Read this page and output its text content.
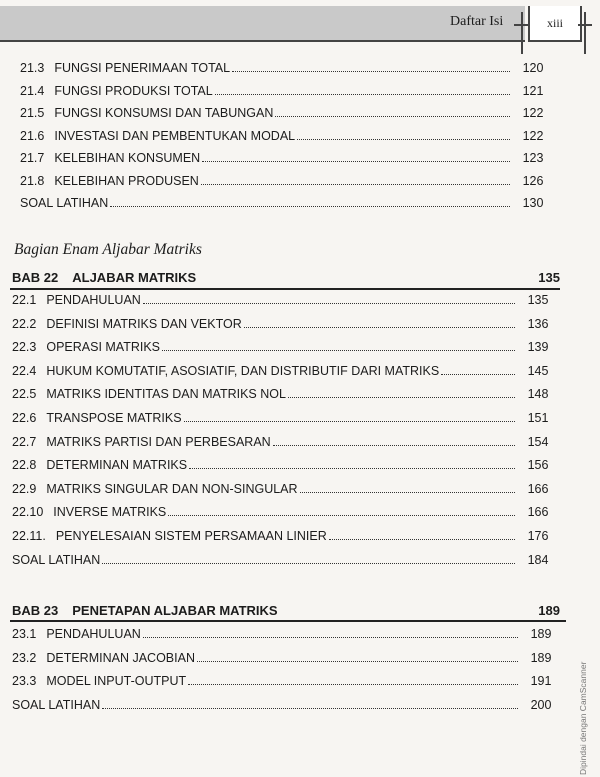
Daftar Isi	xiii
21.3 FUNGSI PENERIMAAN TOTAL	120
21.4 FUNGSI PRODUKSI TOTAL	121
21.5 FUNGSI KONSUMSI DAN TABUNGAN	122
21.6 INVESTASI DAN PEMBENTUKAN MODAL	122
21.7 KELEBIHAN KONSUMEN	123
21.8 KELEBIHAN PRODUSEN	126
SOAL LATIHAN	130
Bagian Enam Aljabar Matriks
BAB 22 ALJABAR MATRIKS	135
22.1 PENDAHULUAN	135
22.2 DEFINISI MATRIKS DAN VEKTOR	136
22.3 OPERASI MATRIKS	139
22.4 HUKUM KOMUTATIF, ASOSIATIF, DAN DISTRIBUTIF DARI MATRIKS	145
22.5 MATRIKS IDENTITAS DAN MATRIKS NOL	148
22.6 TRANSPOSE MATRIKS	151
22.7 MATRIKS PARTISI DAN PERBESARAN	154
22.8 DETERMINAN MATRIKS	156
22.9 MATRIKS SINGULAR DAN NON-SINGULAR	166
22.10 INVERSE MATRIKS	166
22.11. PENYELESAIAN SISTEM PERSAMAAN LINIER	176
SOAL LATIHAN	184
BAB 23 PENETAPAN ALJABAR MATRIKS	189
23.1 PENDAHULUAN	189
23.2 DETERMINAN JACOBIAN	189
23.3 MODEL INPUT-OUTPUT	191
SOAL LATIHAN	200	Dipindai dengan CamScanner
